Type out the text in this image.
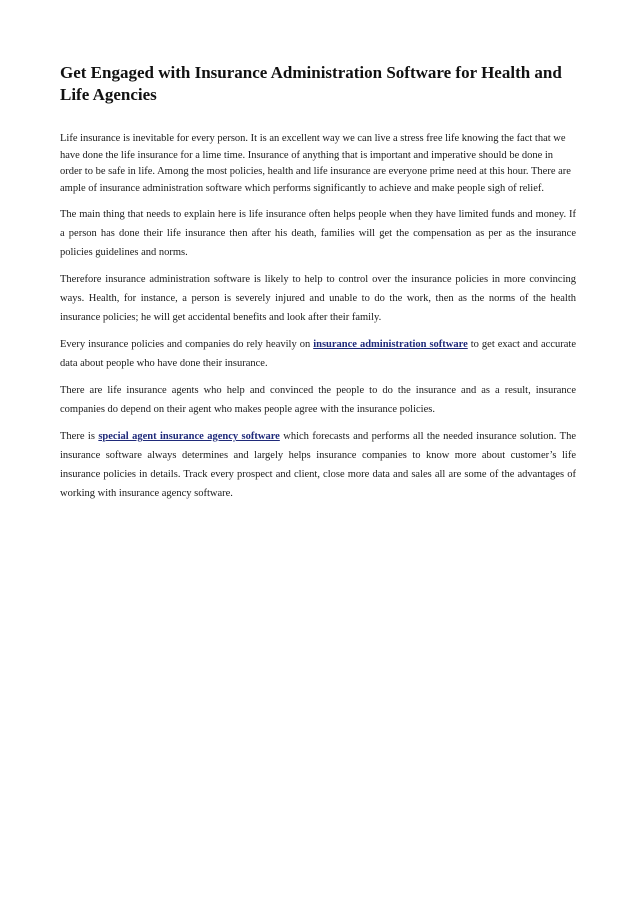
Get Engaged with Insurance Administration Software for Health and Life Agencies

Life insurance is inevitable for every person. It is an excellent way we can live a stress free life knowing the fact that we have done the life insurance for a lime time. Insurance of anything that is important and imperative should be done in order to be safe in life. Among the most policies, health and life insurance are everyone prime need at this hour. There are ample of insurance administration software which performs significantly to achieve and make people sigh of relief.

The main thing that needs to explain here is life insurance often helps people when they have limited funds and money. If a person has done their life insurance then after his death, families will get the compensation as per as the insurance policies guidelines and norms.

Therefore insurance administration software is likely to help to control over the insurance policies in more convincing ways. Health, for instance, a person is severely injured and unable to do the work, then as the norms of the health insurance policies; he will get accidental benefits and look after their family.

Every insurance policies and companies do rely heavily on insurance administration software to get exact and accurate data about people who have done their insurance.

There are life insurance agents who help and convinced the people to do the insurance and as a result, insurance companies do depend on their agent who makes people agree with the insurance policies.

There is special agent insurance agency software which forecasts and performs all the needed insurance solution. The insurance software always determines and largely helps insurance companies to know more about customer’s life insurance policies in details. Track every prospect and client, close more data and sales all are some of the advantages of working with insurance agency software.
